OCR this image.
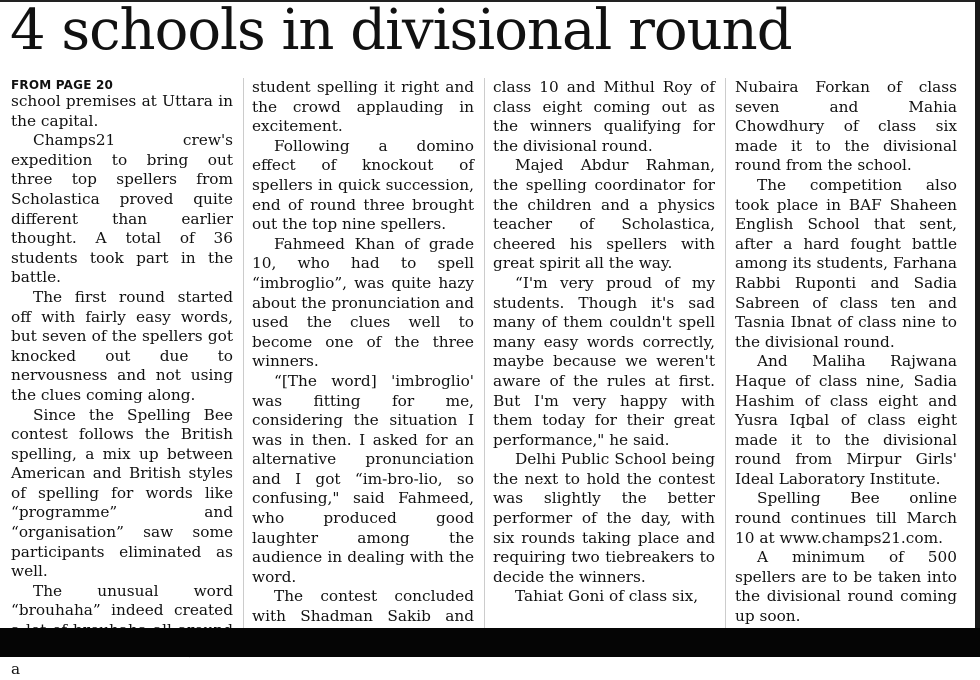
4 schools in divisional round
FROM PAGE 20

school premises at Uttara in the capital.

Champs21 crew's expedition to bring out three top spellers from Scholastica proved quite different than earlier thought. A total of 36 students took part in the battle.

The first round started off with fairly easy words, but seven of the spellers got knocked out due to nervousness and not using the clues coming along.

Since the Spelling Bee contest follows the British spelling, a mix up between American and British styles of spelling for words like “programme” and “organisation” saw some participants eliminated as well.

The unusual word “brouhaha” indeed created a

student spelling it right and the crowd applauding in excitement.

Following a domino effect of knockout of spellers in quick succession, end of round three brought out the top nine spellers.

Fahmeed Khan of grade 10, who had to spell “imbroglio”, was quite hazy about the pronunciation and used the clues well to become one of the three winners.

“[The word] 'imbroglio' was fitting for me, considering the situation I was in then. I asked for an alternative pronunciation and I got “im-bro-lio, so confusing," said Fahmeed, who produced good laughter among the audience in dealing with the word.

The contest concluded with Shadman Sakib and

class 10 and Mithul Roy of class eight coming out as the winners qualifying for the divisional round.

Majed Abdur Rahman, the spelling coordinator for the children and a physics teacher of Scholastica, cheered his spellers with great spirit all the way.

“I'm very proud of my students. Though it's sad many of them couldn't spell many easy words correctly, maybe because we weren't aware of the rules at first. But I'm very happy with them today for their great performance," he said.

Delhi Public School being the next to hold the contest was slightly the better performer of the day, with six rounds taking place and requiring two tiebreakers to decide the winners.

Tahiat Goni of class six,

Nubaira Forkan of class seven and Mahia Chowdhury of class six made it to the divisional round from the school.

The competition also took place in BAF Shaheen English School that sent, after a hard fought battle among its students, Farhana Rabbi Ruponti and Sadia Sabreen of class ten and Tasnia Ibnat of class nine to the divisional round.

And Maliha Rajwana Haque of class nine, Sadia Hashim of class eight and Yusra Iqbal of class eight made it to the divisional round from Mirpur Girls' Ideal Laboratory Institute.

Spelling Bee online round continues till March 10 at www.champs21.com.

A minimum of 500 spellers are to be taken into the divisional round coming up soon.
